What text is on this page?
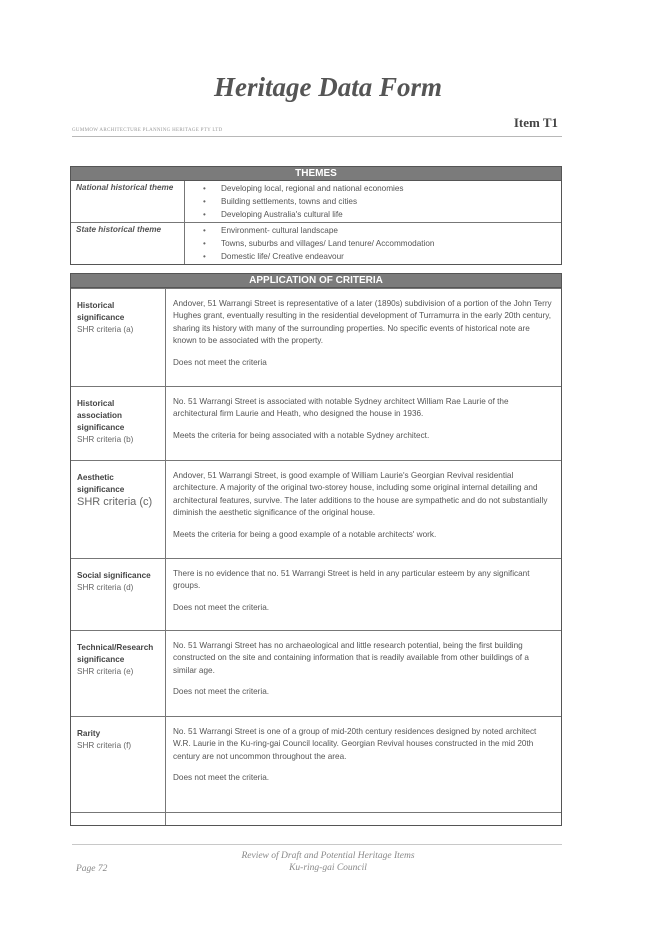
Heritage Data Form
Item T1
GUMMOW ARCHITECTURE PLANNING HERITAGE PTY LTD
THEMES
National historical theme	• Developing local, regional and national economies
• Building settlements, towns and cities
• Developing Australia's cultural life
State historical theme	• Environment- cultural landscape
• Towns, suburbs and villages/ Land tenure/ Accommodation
• Domestic life/ Creative endeavour
APPLICATION OF CRITERIA
Historical significance
SHR criteria (a)

Andover, 51 Warrangi Street is representative of a later (1890s) subdivision of a portion of the John Terry Hughes grant, eventually resulting in the residential development of Turramurra in the early 20th century, sharing its history with many of the surrounding properties. No specific events of historical note are known to be associated with the property.

Does not meet the criteria

Historical association significance
SHR criteria (b)

No. 51 Warrangi Street is associated with notable Sydney architect William Rae Laurie of the architectural firm Laurie and Heath, who designed the house in 1936.

Meets the criteria for being associated with a notable Sydney architect.

Aesthetic significance
SHR criteria (c)

Andover, 51 Warrangi Street, is good example of William Laurie's Georgian Revival residential architecture. A majority of the original two-storey house, including some original internal detailing and architectural features, survive. The later additions to the house are sympathetic and do not substantially diminish the aesthetic significance of the original house.

Meets the criteria for being a good example of a notable architects' work.

Social significance
SHR criteria (d)

There is no evidence that no. 51 Warrangi Street is held in any particular esteem by any significant groups.

Does not meet the criteria.

Technical/Research significance
SHR criteria (e)

No. 51 Warrangi Street has no archaeological and little research potential, being the first building constructed on the site and containing information that is readily available from other buildings of a similar age.

Does not meet the criteria.

Rarity
SHR criteria (f)

No. 51 Warrangi Street is one of a group of mid-20th century residences designed by noted architect W.R. Laurie in the Ku-ring-gai Council locality. Georgian Revival houses constructed in the mid 20th century are not uncommon throughout the area.

Does not meet the criteria.

Review of Draft and Potential Heritage Items
Ku-ring-gai Council
Page 72
